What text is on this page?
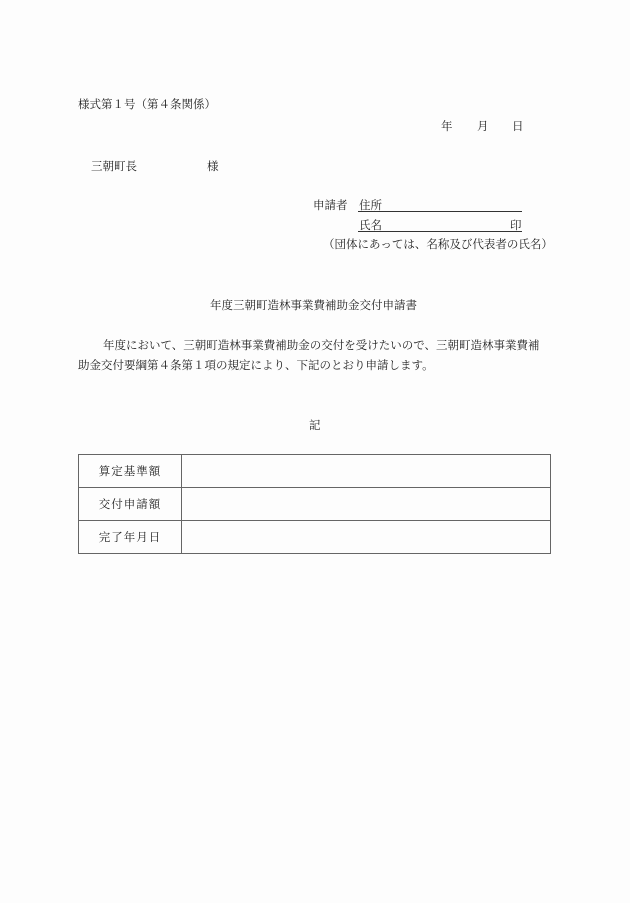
様式第１号（第４条関係）
年 月 日
三朝町長	様
申請者 住所
氏名	印
（団体にあっては、名称及び代表者の氏名）
年度三朝町造林事業費補助金交付申請書
年度において、三朝町造林事業費補助金の交付を受けたいので、三朝町造林事業費補
助金交付要綱第４条第１項の規定により、下記のとおり申請します。
記
算定基準額	
交付申請額	
完了年月日	
